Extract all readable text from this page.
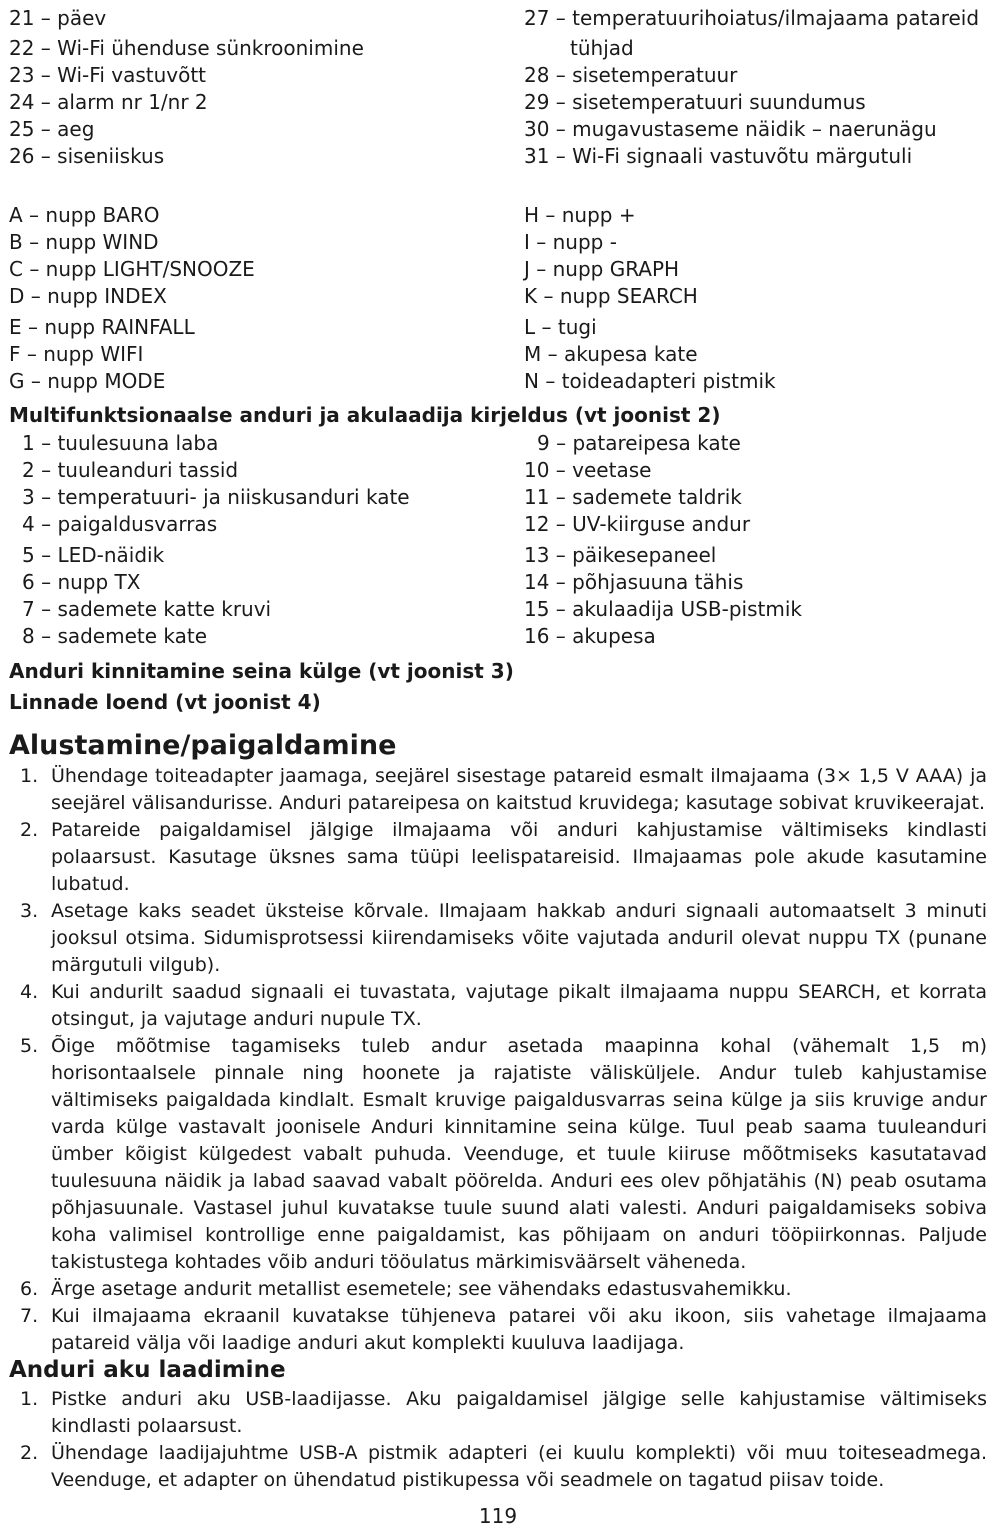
21 – päev	27 – temperatuurihoiatus/ilmajaama patareid
22 – Wi-Fi ühenduse sünkroonimine	tühjad
23 – Wi-Fi vastuvõtt	28 – sisetemperatuur
24 – alarm nr 1/nr 2	29 – sisetemperatuuri suundumus
25 – aeg	30 – mugavustaseme näidik – naerunägu
26 – siseniiskus	31 – Wi-Fi signaali vastuvõtu märgutuli
A – nupp BARO	H – nupp +
B – nupp WIND	I – nupp -
C – nupp LIGHT/SNOOZE	J – nupp GRAPH
D – nupp INDEX	K – nupp SEARCH
E – nupp RAINFALL	L – tugi
F – nupp WIFI	M – akupesa kate
G – nupp MODE	N – toideadapteri pistmik
Multifunktsionaalse anduri ja akulaadija kirjeldus (vt joonist 2)
1 – tuulesuuna laba	9 – patareipesa kate
2 – tuuleanduri tassid	10 – veetase
3 – temperatuuri- ja niiskusanduri kate	11 – sademete taldrik
4 – paigaldusvarras	12 – UV-kiirguse andur
5 – LED-näidik	13 – päikesepaneel
6 – nupp TX	14 – põhjasuuna tähis
7 – sademete katte kruvi	15 – akulaadija USB-pistmik
8 – sademete kate	16 – akupesa
Anduri kinnitamine seina külge (vt joonist 3)
Linnade loend (vt joonist 4)
Alustamine/paigaldamine
1. Ühendage toiteadapter jaamaga, seejärel sisestage patareid esmalt ilmajaama (3× 1,5 V AAA) ja seejärel välisandurisse. Anduri patareipesa on kaitstud kruvidega; kasutage sobivat kruvikeerajat.
2. Patareide paigaldamisel jälgige ilmajaama või anduri kahjustamise vältimiseks kindlasti polaarsust. Kasutage üksnes sama tüüpi leelispatareisid. Ilmajaamas pole akude kasutamine lubatud.
3. Asetage kaks seadet üksteise kõrvale. Ilmajaam hakkab anduri signaali automaatselt 3 minuti jooksul otsima. Sidumisprotsessi kiirendamiseks võite vajutada anduril olevat nuppu TX (punane märgutuli vilgub).
4. Kui andurilt saadud signaali ei tuvastata, vajutage pikalt ilmajaama nuppu SEARCH, et korrata otsingut, ja vajutage anduri nupule TX.
5. Õige mõõtmise tagamiseks tuleb andur asetada maapinna kohal (vähemalt 1,5 m) horisontaalsele pinnale ning hoonete ja rajatiste välisküljele. Andur tuleb kahjustamise vältimiseks paigaldada kindlalt. Esmalt kruvige paigaldusvarras seina külge ja siis kruvige andur varda külge vastavalt joonisele Anduri kinnitamine seina külge. Tuul peab saama tuuleanduri ümber kõigist külgedest vabalt puhuda. Veenduge, et tuule kiiruse mõõtmiseks kasutatavad tuulesuuna näidik ja labad saavad vabalt pöörelda. Anduri ees olev põhjatähis (N) peab osutama põhjasuunale. Vastasel juhul kuvatakse tuule suund alati valesti. Anduri paigaldamiseks sobiva koha valimisel kontrollige enne paigaldamist, kas põhijaam on anduri tööpiirkonnas. Paljude takistustega kohtades võib anduri tööulatus märkimisväärselt väheneda.
6. Ärge asetage andurit metallist esemetele; see vähendaks edastusvahemikku.
7. Kui ilmajaama ekraanil kuvatakse tühjeneva patarei või aku ikoon, siis vahetage ilmajaama patareid välja või laadige anduri akut komplekti kuuluva laadijaga.
Anduri aku laadimine
1. Pistke anduri aku USB-laadijasse. Aku paigaldamisel jälgige selle kahjustamise vältimiseks kindlasti polaarsust.
2. Ühendage laadijajuhtme USB-A pistmik adapteri (ei kuulu komplekti) või muu toiteseadmega. Veenduge, et adapter on ühendatud pistikupessa või seadmele on tagatud piisav toide.
119
